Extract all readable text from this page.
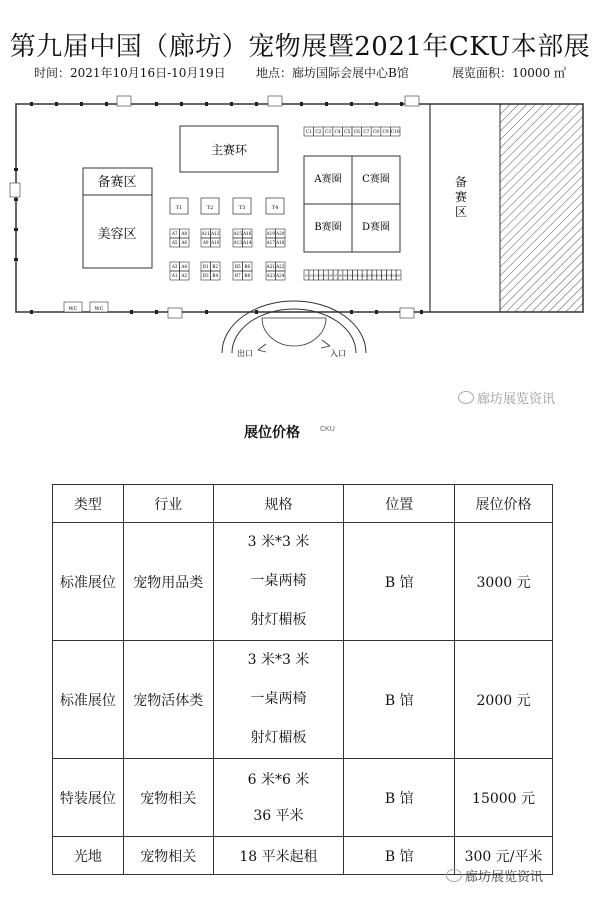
第九届中国（廊坊）宠物展暨2021年CKU本部展
时间：2021年10月16日-10月19日	地点：廊坊国际会展中心B馆	展览面积：10000 ㎡
WC	WC
主赛环
备赛区
美容区
T1	T2	T3	T4
A7 A8
A5 A6
A3 A4
A1 A2
A11 A12
A9 A10
B1 B2
B3 B4
A15 A16
A13 A14
B5 B6
B7 B8
A19 A20
A17 A18
A21 A22
A23 A24
C1 C2 C3 C4 C5 C6 C7 C8 C9 C10
D1 D2 D3 D4 D5 D6 D7 D8 D9 D10 D11 D12 D13 D14 D15 D16 D17 D18 D19 D20
A赛圈 C赛圈
B赛圈 D赛圈
备
赛
区
出口	入口
廊坊展览资讯
展位价格	CKU
类型	行业	规格	位置	展位价格
标准展位	宠物用品类	3 米*3 米
一桌两椅
射灯楣板	B 馆	3000 元
标准展位	宠物活体类	3 米*3 米
一桌两椅
射灯楣板	B 馆	2000 元
特装展位	宠物相关	6 米*6 米
36 平米	B 馆	15000 元
光地	宠物相关	18 平米起租	B 馆	300 元/平米
廊坊展览资讯
